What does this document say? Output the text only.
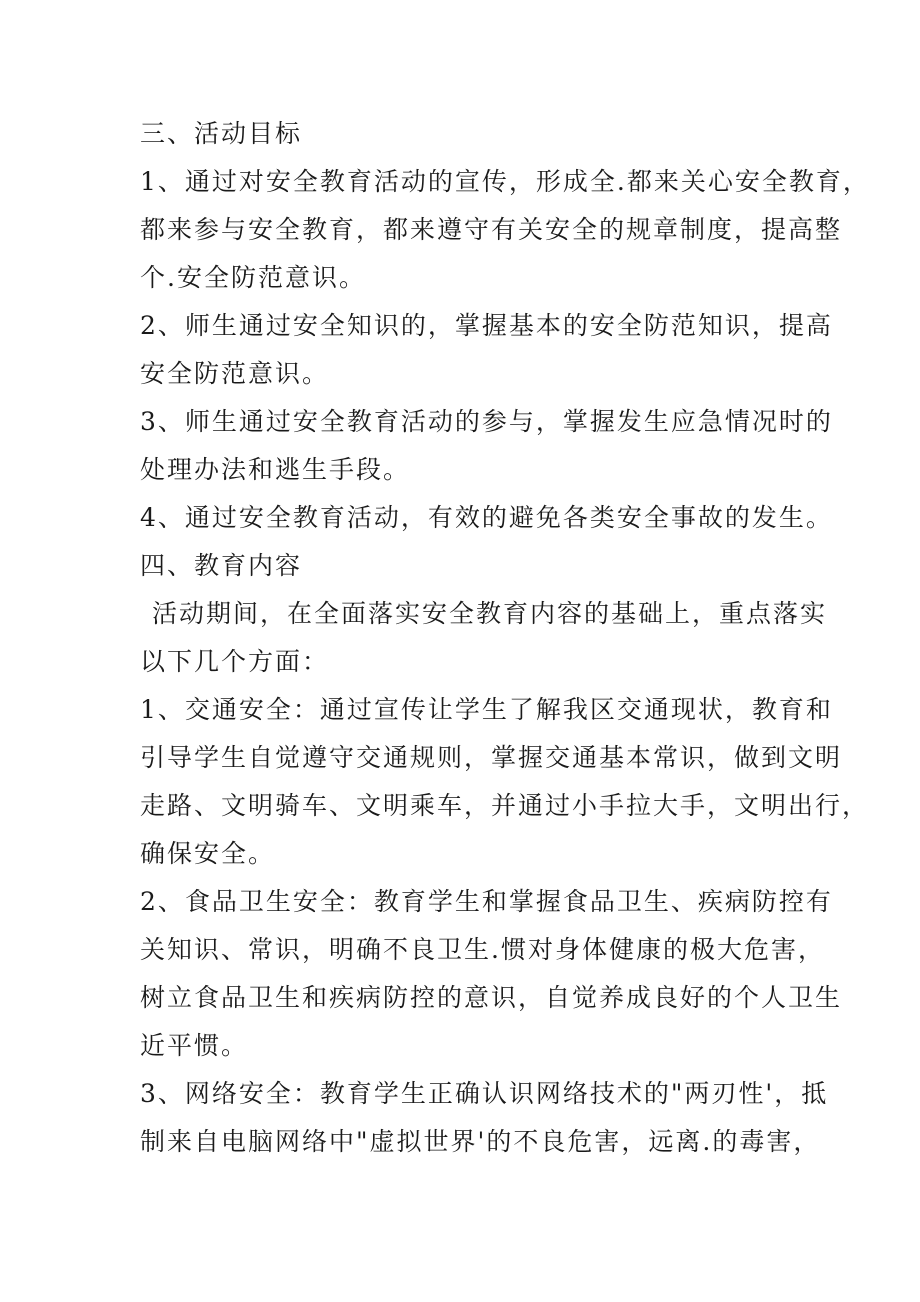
三、活动目标
1、通过对安全教育活动的宣传，形成全.都来关心安全教育，
都来参与安全教育，都来遵守有关安全的规章制度，提高整
个.安全防范意识。
2、师生通过安全知识的，掌握基本的安全防范知识，提高
安全防范意识。
3、师生通过安全教育活动的参与，掌握发生应急情况时的
处理办法和逃生手段。
4、通过安全教育活动，有效的避免各类安全事故的发生。
四、教育内容
活动期间，在全面落实安全教育内容的基础上，重点落实
以下几个方面：
1、交通安全：通过宣传让学生了解我区交通现状，教育和
引导学生自觉遵守交通规则，掌握交通基本常识，做到文明
走路、文明骑车、文明乘车，并通过小手拉大手，文明出行，
确保安全。
2、食品卫生安全：教育学生和掌握食品卫生、疾病防控有
关知识、常识，明确不良卫生.惯对身体健康的极大危害，
树立食品卫生和疾病防控的意识，自觉养成良好的个人卫生
近平惯。
3、网络安全：教育学生正确认识网络技术的"两刃性'，抵
制来自电脑网络中"虚拟世界'的不良危害，远离.的毒害，
